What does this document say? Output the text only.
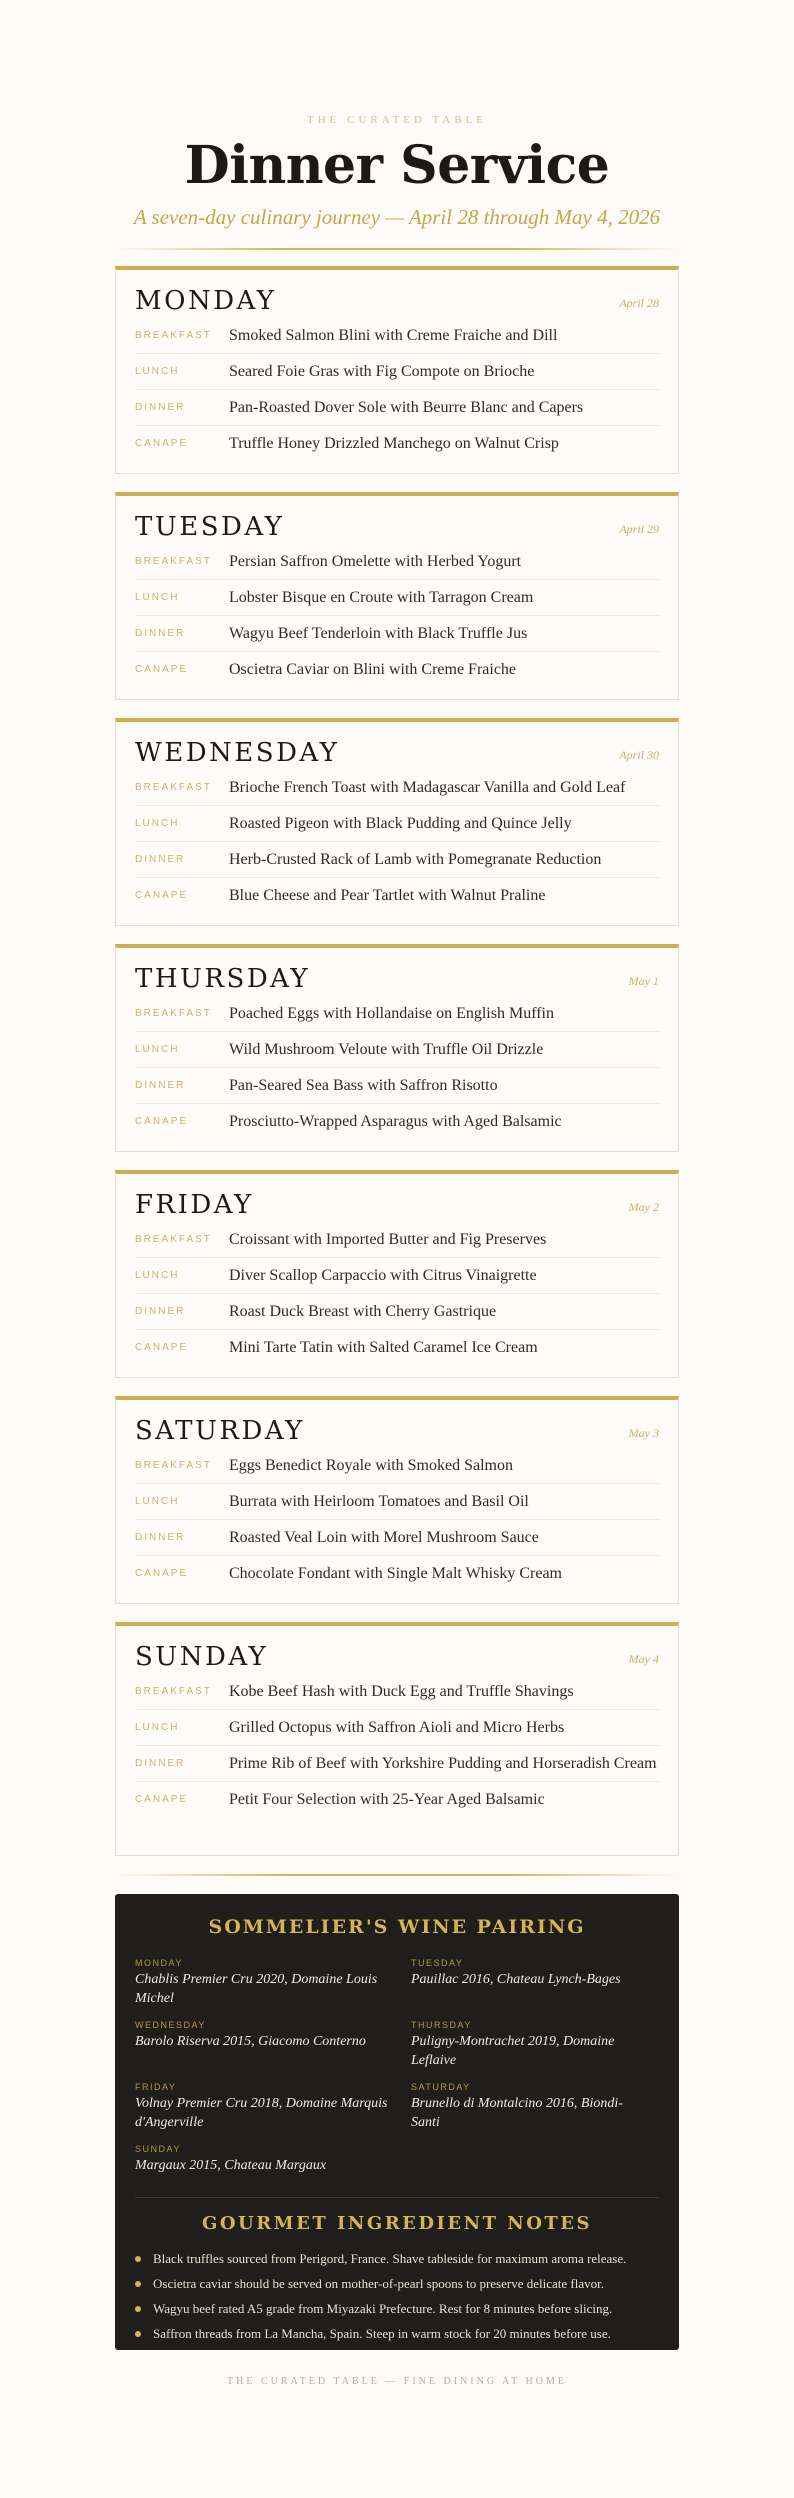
THE CURATED TABLE
Dinner Service
A seven-day culinary journey — April 28 through May 4, 2026
MONDAY	April 28
BREAKFAST	Smoked Salmon Blini with Creme Fraiche and Dill
LUNCH	Seared Foie Gras with Fig Compote on Brioche
DINNER	Pan-Roasted Dover Sole with Beurre Blanc and Capers
CANAPE	Truffle Honey Drizzled Manchego on Walnut Crisp
TUESDAY	April 29
BREAKFAST	Persian Saffron Omelette with Herbed Yogurt
LUNCH	Lobster Bisque en Croute with Tarragon Cream
DINNER	Wagyu Beef Tenderloin with Black Truffle Jus
CANAPE	Oscietra Caviar on Blini with Creme Fraiche
WEDNESDAY	April 30
BREAKFAST	Brioche French Toast with Madagascar Vanilla and Gold Leaf
LUNCH	Roasted Pigeon with Black Pudding and Quince Jelly
DINNER	Herb-Crusted Rack of Lamb with Pomegranate Reduction
CANAPE	Blue Cheese and Pear Tartlet with Walnut Praline
THURSDAY	May 1
BREAKFAST	Poached Eggs with Hollandaise on English Muffin
LUNCH	Wild Mushroom Veloute with Truffle Oil Drizzle
DINNER	Pan-Seared Sea Bass with Saffron Risotto
CANAPE	Prosciutto-Wrapped Asparagus with Aged Balsamic
FRIDAY	May 2
BREAKFAST	Croissant with Imported Butter and Fig Preserves
LUNCH	Diver Scallop Carpaccio with Citrus Vinaigrette
DINNER	Roast Duck Breast with Cherry Gastrique
CANAPE	Mini Tarte Tatin with Salted Caramel Ice Cream
SATURDAY	May 3
BREAKFAST	Eggs Benedict Royale with Smoked Salmon
LUNCH	Burrata with Heirloom Tomatoes and Basil Oil
DINNER	Roasted Veal Loin with Morel Mushroom Sauce
CANAPE	Chocolate Fondant with Single Malt Whisky Cream
SUNDAY	May 4
BREAKFAST	Kobe Beef Hash with Duck Egg and Truffle Shavings
LUNCH	Grilled Octopus with Saffron Aioli and Micro Herbs
DINNER	Prime Rib of Beef with Yorkshire Pudding and Horseradish Cream
CANAPE	Petit Four Selection with 25-Year Aged Balsamic
SOMMELIER'S WINE PAIRING
MONDAY
Chablis Premier Cru 2020, Domaine Louis Michel
TUESDAY
Pauillac 2016, Chateau Lynch-Bages
WEDNESDAY
Barolo Riserva 2015, Giacomo Conterno
THURSDAY
Puligny-Montrachet 2019, Domaine Leflaive
FRIDAY
Volnay Premier Cru 2018, Domaine Marquis d'Angerville
SATURDAY
Brunello di Montalcino 2016, Biondi-Santi
SUNDAY
Margaux 2015, Chateau Margaux
GOURMET INGREDIENT NOTES
Black truffles sourced from Perigord, France. Shave tableside for maximum aroma release.
Oscietra caviar should be served on mother-of-pearl spoons to preserve delicate flavor.
Wagyu beef rated A5 grade from Miyazaki Prefecture. Rest for 8 minutes before slicing.
Saffron threads from La Mancha, Spain. Steep in warm stock for 20 minutes before use.
THE CURATED TABLE — FINE DINING AT HOME
